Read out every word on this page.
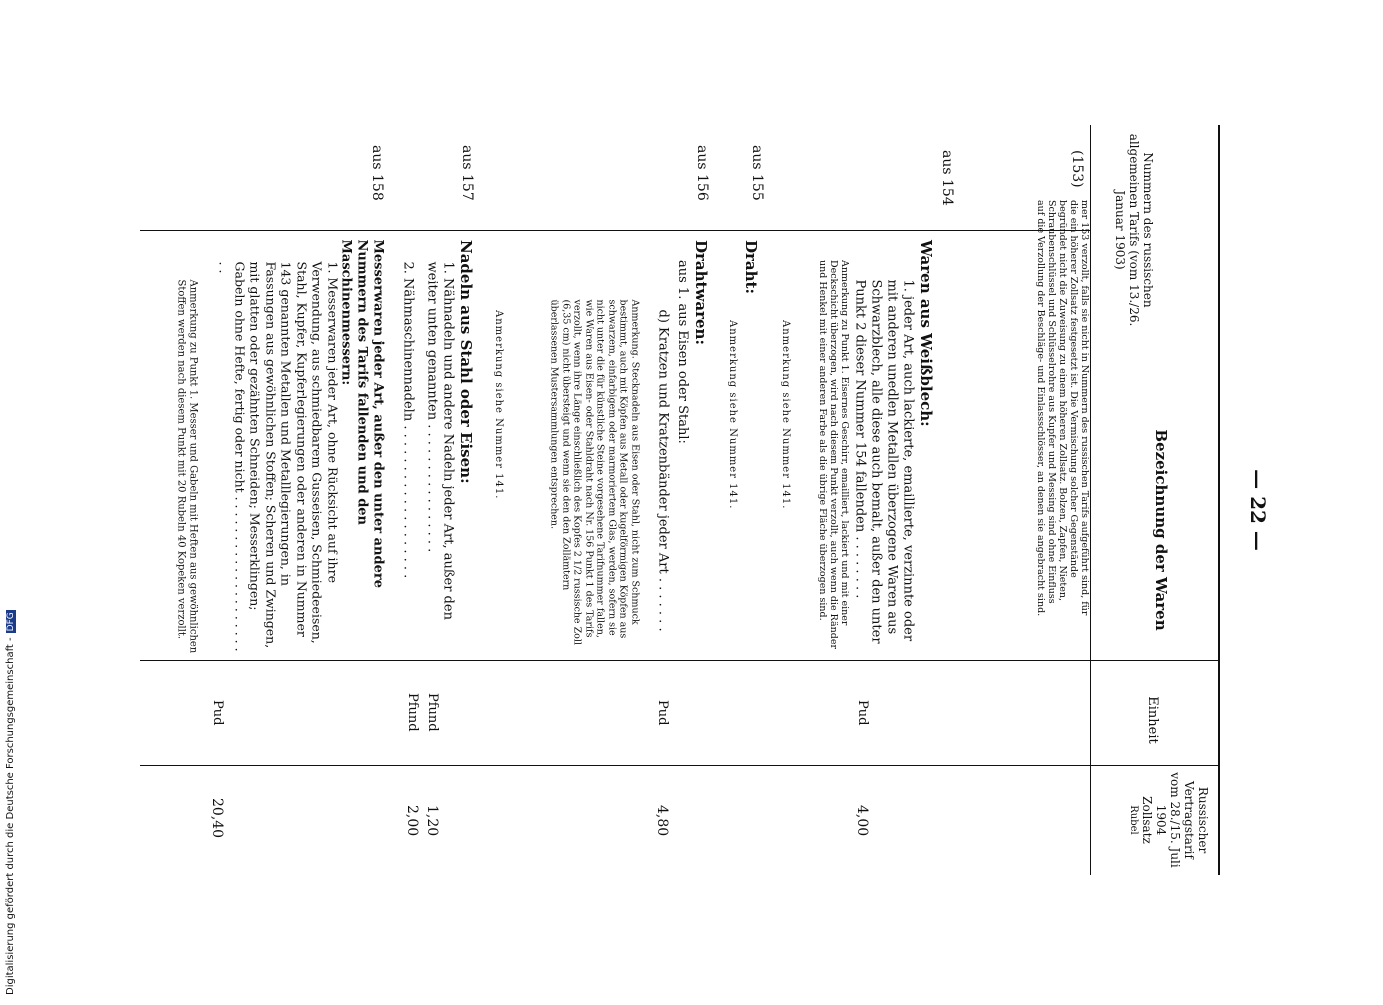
Digitalisierung gefördert durch die Deutsche Forschungsgemeinschaft -DFG
Nummern des russischen allgemeinen Tarifs (vom 13./26. Januar 1903)
Bezeichnung der Waren
Einheit
Russischer Vertragstarif vom 28./15. Juli 1904
Zollsatz
Rubel
(153)
aus 154
aus 155
aus 156
aus 157
aus 158
mer 153 verzollt, falls sie nicht in Nummern des russischen Tarifs aufgeführt sind, für die ein höherer Zollsatz festgesetzt ist. Die Vermischung solcher Gegenstände begründet nicht die Zuweisung zu einem höheren Zollsatz. Bolzen, Zapfen, Nieten, Schraubenschlüssel und Schlüsselrohre aus Kupfer und Messing sind ohne Einfluss auf die Verzollung der Beschläge- und Einlassschlösser, an denen sie angebracht sind.
Waren aus Weißblech:
1. jeder Art, auch lackierte, emaillierte, verzinnte oder mit anderen unedlen Metallen überzogene Waren aus Schwarzblech, alle diese auch bemalt, außer den unter Punkt 2 dieser Nummer 154 fallenden . . . . . . . .
Anmerkung zu Punkt 1. Eisernes Geschirr, emailliert, lackiert und mit einer Deckschicht überzogen, wird nach diesem Punkt verzollt, auch wenn die Ränder und Henkel mit einer anderen Farbe als die übrige Fläche überzogen sind.
Anmerkung siehe Nummer 141.
Draht:
Anmerkung siehe Nummer 141.
Drahtwaren:
aus 1. aus Eisen oder Stahl:
d) Kratzen und Kratzenbänder jeder Art . . . . . . .
Anmerkung. Stecknadeln aus Eisen oder Stahl, nicht zum Schmuck bestimmt, auch mit Köpfen aus Metall oder kugelförmigen Köpfen aus schwarzem, einfarbigem oder marmoriertem Glas, werden, sofern sie nicht unter die für künstliche Steine vorgesehene Tarifnummer fallen, wie Waren aus Eisen- oder Stahldraht nach Nr. 156 Punkt 1 des Tarifs verzollt, wenn ihre Länge einschließlich des Kopfes 2 1/2 russische Zoll (6,35 cm) nicht übersteigt und wenn sie den den Zollämtern überlassenen Mustersammlungen entsprechen.
Anmerkung siehe Nummer 141.
Nadeln aus Stahl oder Eisen:
1. Nähnadeln und andere Nadeln jeder Art, außer den weiter unten genannten . . . . . . . . . . . . . . . .
2. Nähmaschinennadeln . . . . . . . . . . . . . . . . . . .
Messerwaren jeder Art, außer den unter andere Nummern des Tarifs fallenden und den Maschinenmessern:
1. Messerwaren jeder Art, ohne Rücksicht auf ihre Verwendung, aus schmiedbarem Gusseisen, Schmiedeeisen, Stahl, Kupfer, Kupferlegierungen oder anderen in Nummer 143 genannten Metallen und Metalllegierungen, in Fassungen aus gewöhnlichen Stoffen; Scheren und Zwingen, mit glatten oder gezähnten Schneiden; Messerklingen; Gabeln ohne Hefte, fertig oder nicht . . . . . . . . . . . . . . . . . . . . . .
Anmerkung zu Punkt 1. Messer und Gabeln mit Heften aus gewöhnlichen Stoffen werden nach diesem Punkt mit 20 Rubeln 40 Kopeken verzollt.
Pud
Pud
Pfund
Pfund
Pud
4,00
4,80
1,20
2,00
20,40
— 22 —
